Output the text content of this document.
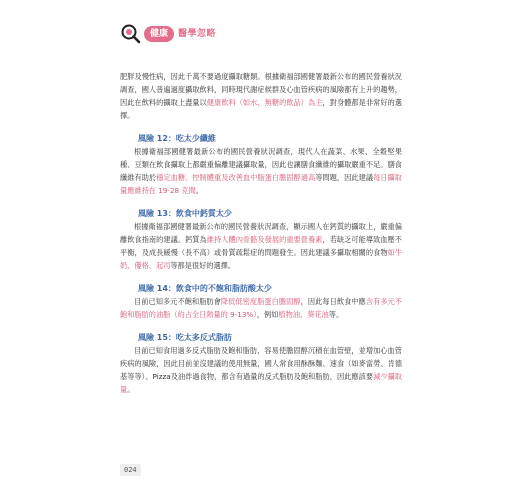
健康	醫學忽略

肥胖及慢性病，因此千萬不要過度攝取糖類。根據衛福部國健署最新公布的國民營養狀況調查，國人普遍過度攝取飲料，同時現代謝症候群及心血管疾病的風險都有上升的趨勢，因此在飲料的攝取上盡量以健康飲料（如水、無糖的飲品）為主，對身體都是非常好的選擇。

風險 12：吃太少纖維

根據衛福部國健署最新公布的國民營養狀況調查，現代人在蔬菜、水果、全穀堅果種、豆類在飲食攝取上都嚴重偏離建議攝取量，因此也讓膳食纖維的攝取嚴重不足。膳食纖維有助於穩定血糖、控制體重及改善血中脂蛋白膽固醇過高等問題，因此建議每日攝取量應維持在 19-28 克間。

風險 13：飲食中鈣質太少

根據衛福部國健署最新公布的國民營養狀況調查，顯示國人在鈣質的攝取上，嚴重偏離飲食指南的建議。鈣質為維持人體內骨骼及發展的重要營養素，若缺乏可能導致血壓不平衡，及成長緩慢（長不高）或骨質疏鬆症的問題發生。因此建議多攝取相關的食物如牛奶、優格、起司等都是很好的選擇。

風險 14：飲食中的不飽和脂肪酸太少

目前已知多元不飽和脂肪會降低低密度脂蛋白膽固醇，因此每日飲食中應含有多元不飽和脂肪的油脂（約占全日熱量的 9-13%），例如植物油、葵花油等。

風險 15：吃太多反式脂肪

目前已知食用過多反式脂肪及飽和脂肪，容易使膽固醇沉積在血管壁，並增加心血管疾病的風險，因此目前並沒建議的使用無量，國人常食用酥酥麵、速食（如麥當勞、肯德基等等）、Pizza及油炸過食物，都含有過量的反式脂肪及飽和脂肪，因此應該要減少攝取量。

024
